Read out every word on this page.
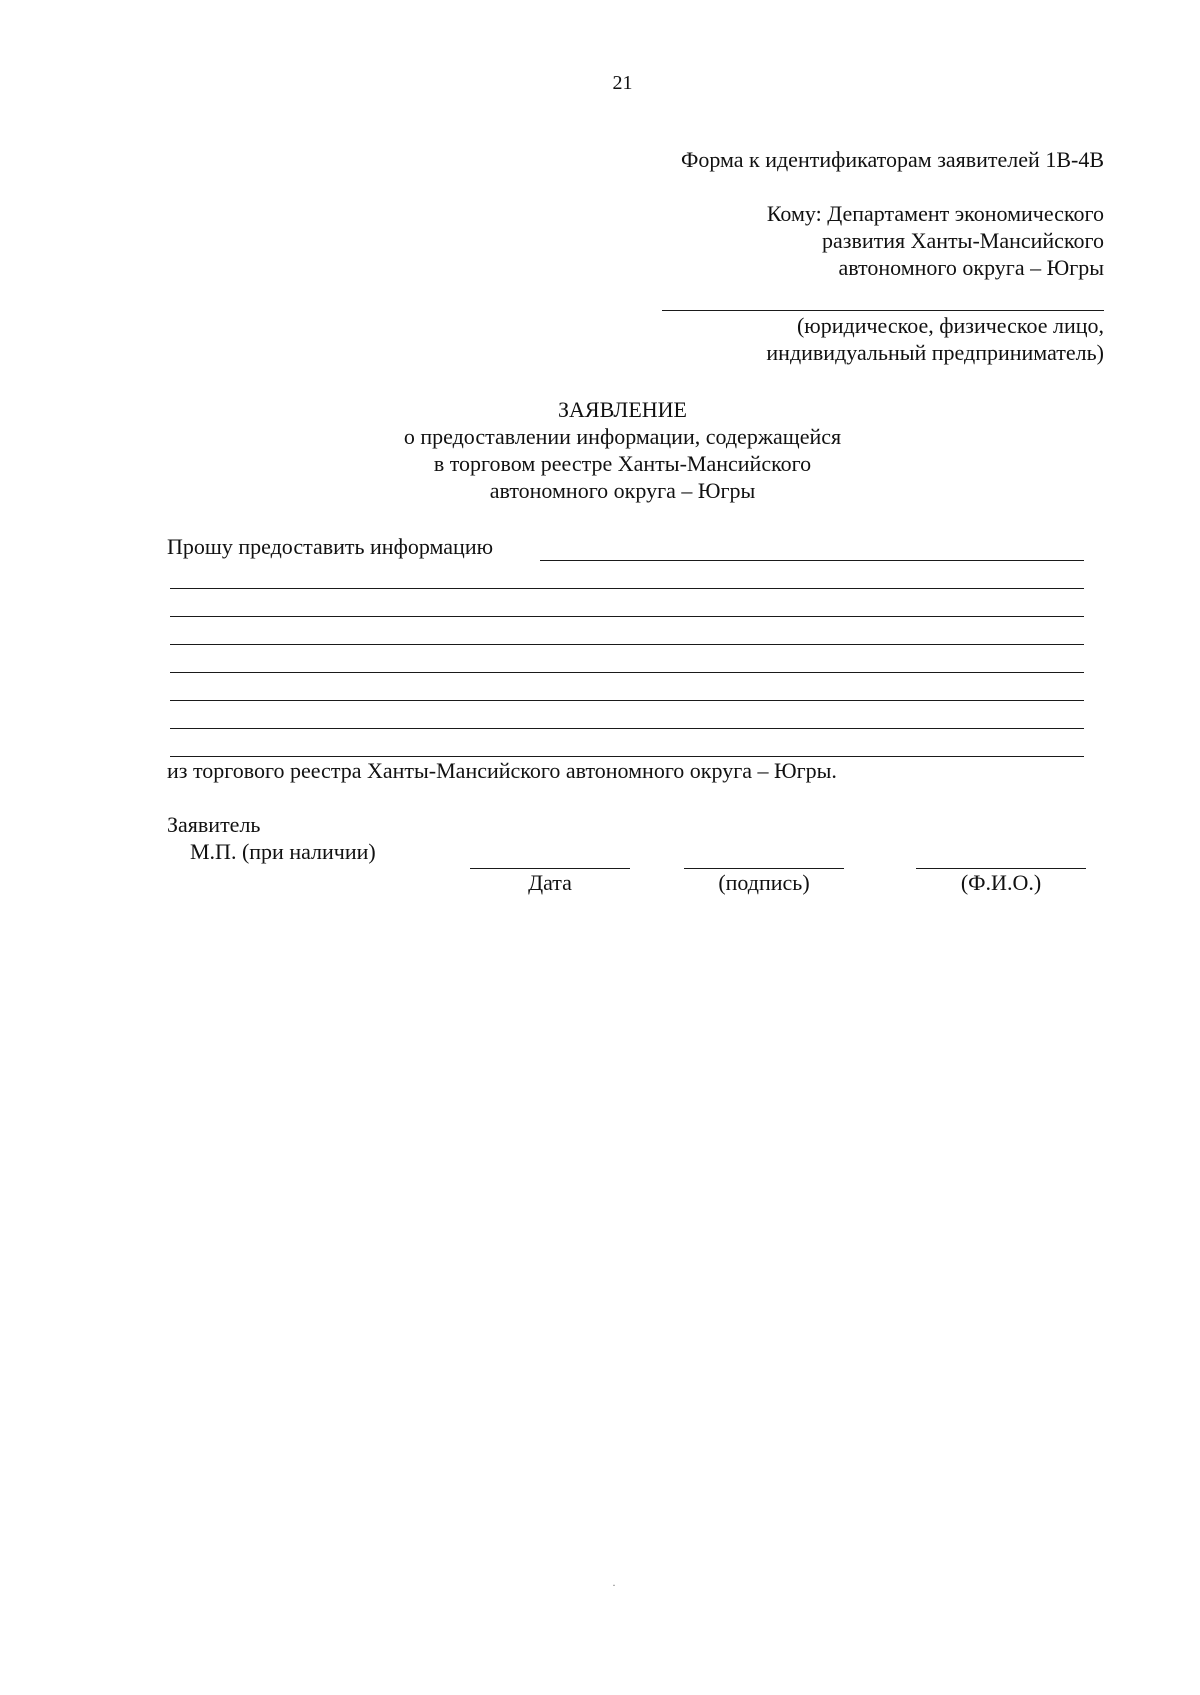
21
Форма к идентификаторам заявителей 1В-4В
Кому: Департамент экономического
развития Ханты-Мансийского
автономного округа – Югры
(юридическое, физическое лицо,
индивидуальный предприниматель)
ЗАЯВЛЕНИЕ
о предоставлении информации, содержащейся
в торговом реестре Ханты-Мансийского
автономного округа – Югры
Прошу предоставить информацию
из торгового реестра Ханты-Мансийского автономного округа – Югры.
Заявитель
М.П. (при наличии)
Дата	(подпись)	(Ф.И.О.)
·
